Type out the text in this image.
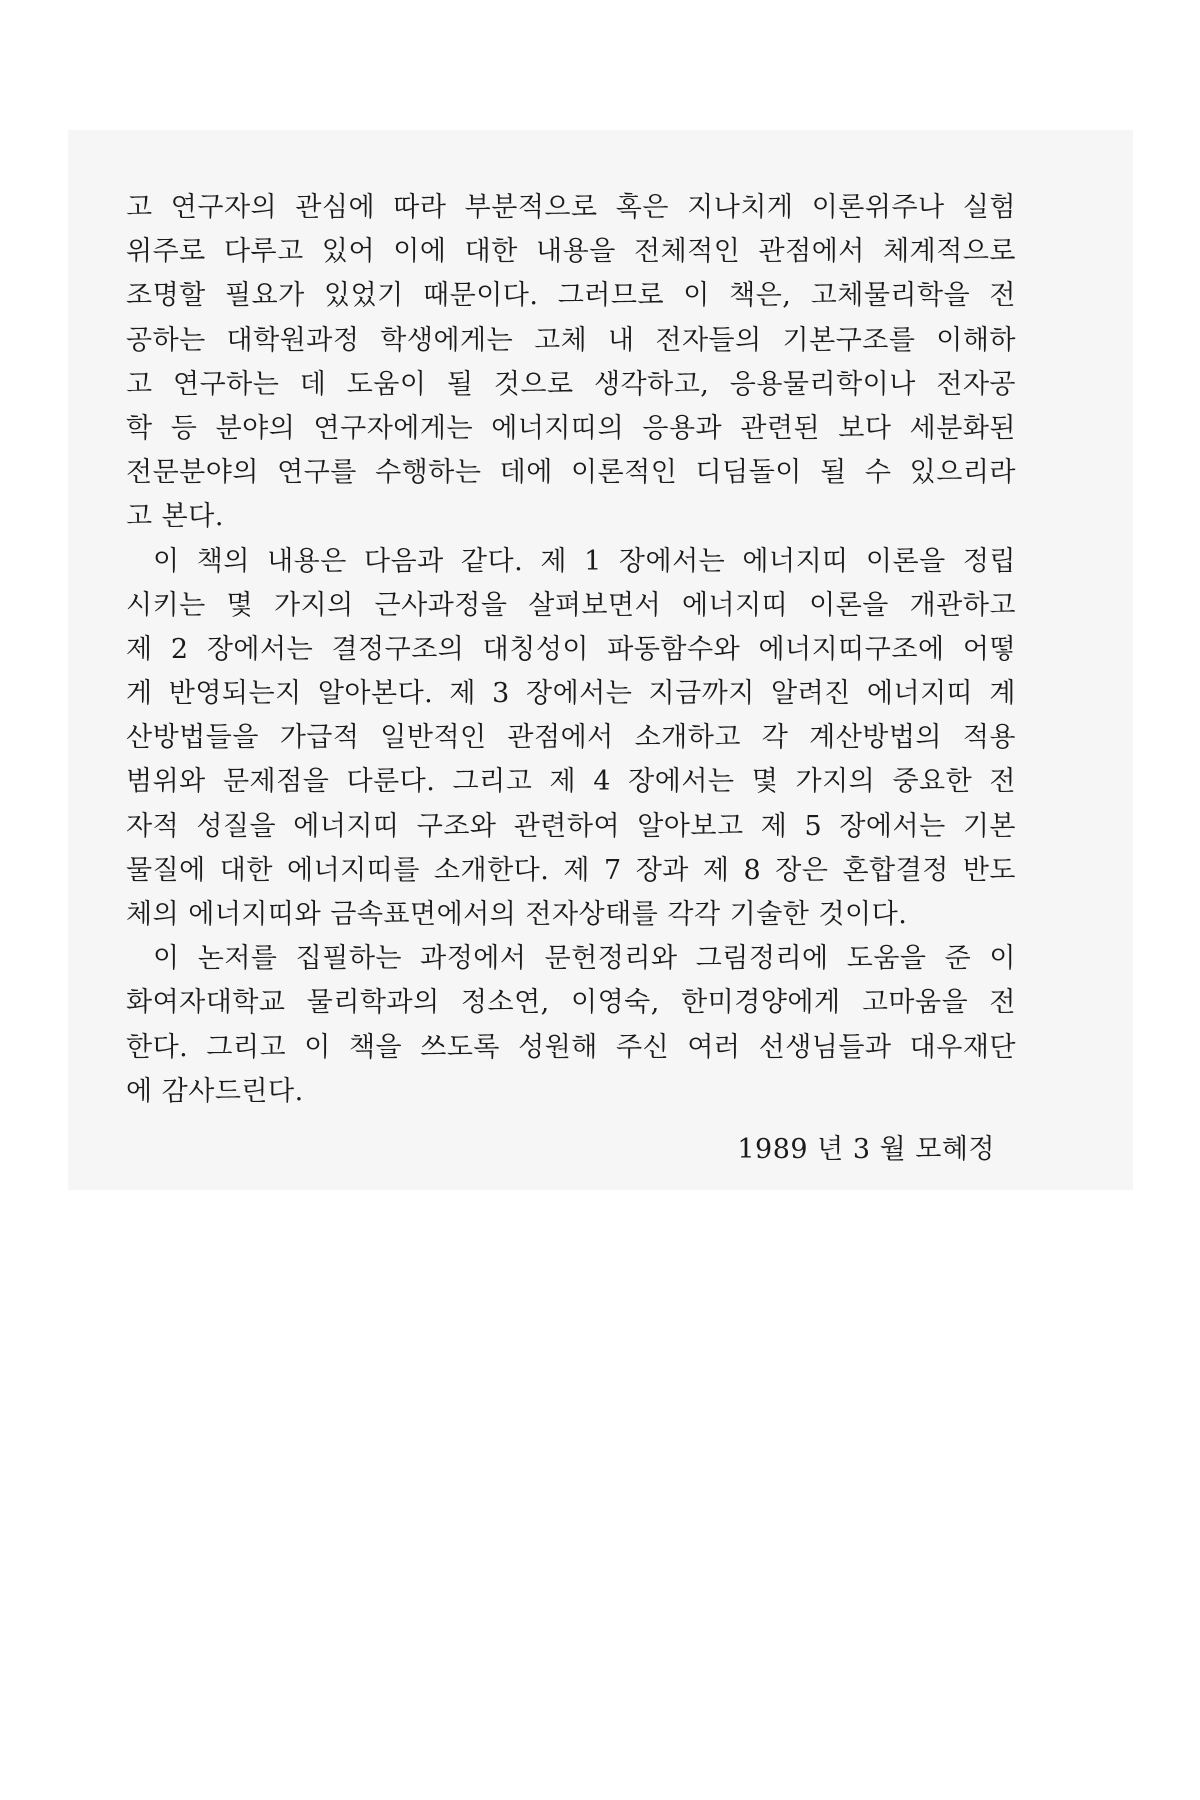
고 연구자의 관심에 따라 부분적으로 혹은 지나치게 이론위주나 실험
위주로 다루고 있어 이에 대한 내용을 전체적인 관점에서 체계적으로
조명할 필요가 있었기 때문이다. 그러므로 이 책은, 고체물리학을 전
공하는 대학원과정 학생에게는 고체 내 전자들의 기본구조를 이해하
고 연구하는 데 도움이 될 것으로 생각하고, 응용물리학이나 전자공
학 등 분야의 연구자에게는 에너지띠의 응용과 관련된 보다 세분화된
전문분야의 연구를 수행하는 데에 이론적인 디딤돌이 될 수 있으리라
고 본다.
이 책의 내용은 다음과 같다. 제 1 장에서는 에너지띠 이론을 정립
시키는 몇 가지의 근사과정을 살펴보면서 에너지띠 이론을 개관하고
제 2 장에서는 결정구조의 대칭성이 파동함수와 에너지띠구조에 어떻
게 반영되는지 알아본다. 제 3 장에서는 지금까지 알려진 에너지띠 계
산방법들을 가급적 일반적인 관점에서 소개하고 각 계산방법의 적용
범위와 문제점을 다룬다. 그리고 제 4 장에서는 몇 가지의 중요한 전
자적 성질을 에너지띠 구조와 관련하여 알아보고 제 5 장에서는 기본
물질에 대한 에너지띠를 소개한다. 제 7 장과 제 8 장은 혼합결정 반도
체의 에너지띠와 금속표면에서의 전자상태를 각각 기술한 것이다.
이 논저를 집필하는 과정에서 문헌정리와 그림정리에 도움을 준 이
화여자대학교 물리학과의 정소연, 이영숙, 한미경양에게 고마움을 전
한다. 그리고 이 책을 쓰도록 성원해 주신 여러 선생님들과 대우재단
에 감사드린다.
1989 년 3 월 모혜정
